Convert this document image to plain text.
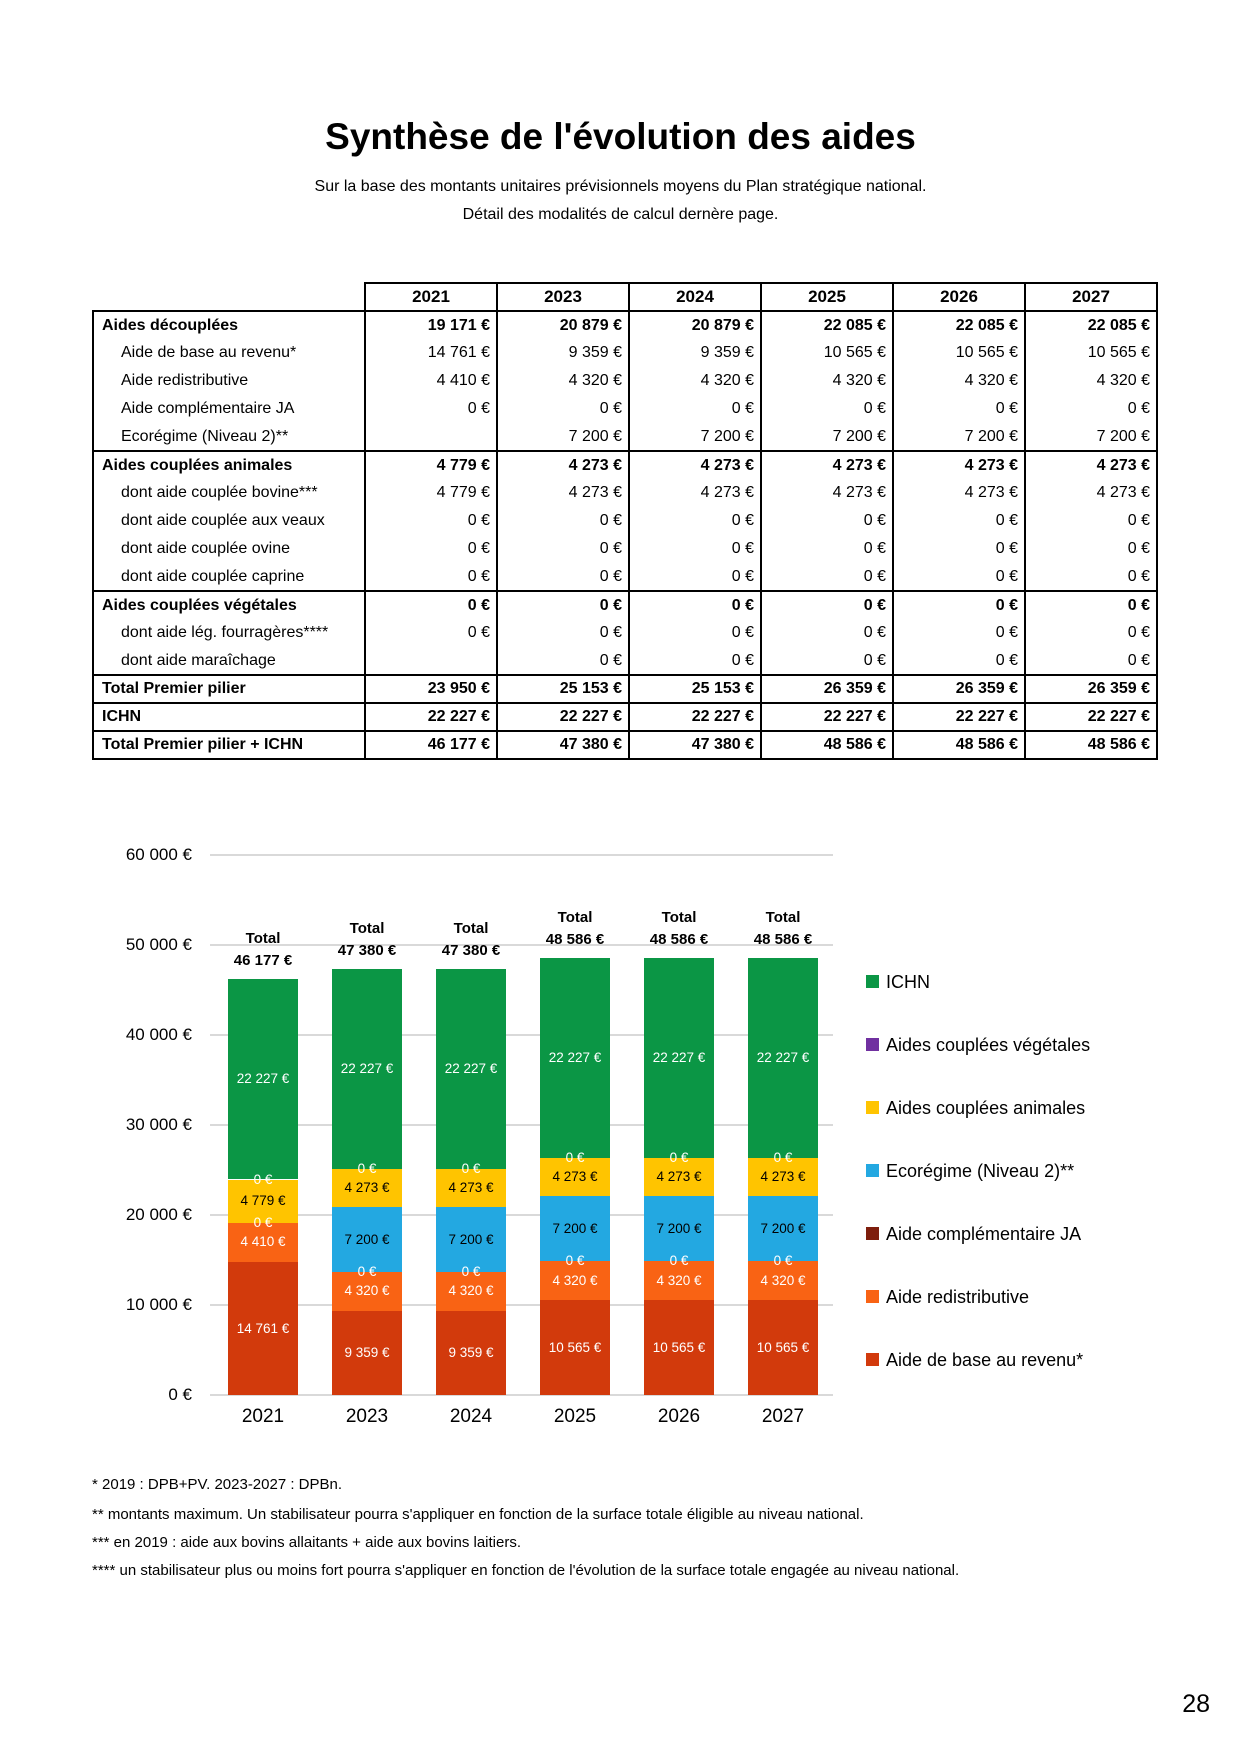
Synthèse de l'évolution des aides
Sur la base des montants unitaires prévisionnels moyens du Plan stratégique national.
Détail des modalités de calcul dernère page.
	2021	2023	2024	2025	2026	2027
Aides découplées	19 171 €	20 879 €	20 879 €	22 085 €	22 085 €	22 085 €
Aide de base au revenu*	14 761 €	9 359 €	9 359 €	10 565 €	10 565 €	10 565 €
Aide redistributive	4 410 €	4 320 €	4 320 €	4 320 €	4 320 €	4 320 €
Aide complémentaire JA	0 €	0 €	0 €	0 €	0 €	0 €
Ecorégime (Niveau 2)**		7 200 €	7 200 €	7 200 €	7 200 €	7 200 €
Aides couplées animales	4 779 €	4 273 €	4 273 €	4 273 €	4 273 €	4 273 €
dont aide couplée bovine***	4 779 €	4 273 €	4 273 €	4 273 €	4 273 €	4 273 €
dont aide couplée aux veaux	0 €	0 €	0 €	0 €	0 €	0 €
dont aide couplée ovine	0 €	0 €	0 €	0 €	0 €	0 €
dont aide couplée caprine	0 €	0 €	0 €	0 €	0 €	0 €
Aides couplées végétales	0 €	0 €	0 €	0 €	0 €	0 €
dont aide lég. fourragères****	0 €	0 €	0 €	0 €	0 €	0 €
dont aide maraîchage		0 €	0 €	0 €	0 €	0 €
Total Premier pilier	23 950 €	25 153 €	25 153 €	26 359 €	26 359 €	26 359 €
ICHN	22 227 €	22 227 €	22 227 €	22 227 €	22 227 €	22 227 €
Total Premier pilier + ICHN	46 177 €	47 380 €	47 380 €	48 586 €	48 586 €	48 586 €
60 000 €
50 000 €
40 000 €
30 000 €
20 000 €
10 000 €
0 €
14 761 €
4 410 €
0 €
4 779 €
0 €
22 227 €
Total
46 177 €
2021
9 359 €
4 320 €
0 €
7 200 €
4 273 €
0 €
22 227 €
Total
47 380 €
2023
9 359 €
4 320 €
0 €
7 200 €
4 273 €
0 €
22 227 €
Total
47 380 €
2024
10 565 €
4 320 €
0 €
7 200 €
4 273 €
0 €
22 227 €
Total
48 586 €
2025
10 565 €
4 320 €
0 €
7 200 €
4 273 €
0 €
22 227 €
Total
48 586 €
2026
10 565 €
4 320 €
0 €
7 200 €
4 273 €
0 €
22 227 €
Total
48 586 €
2027
ICHN
Aides couplées végétales
Aides couplées animales
Ecorégime (Niveau 2)**
Aide complémentaire JA
Aide redistributive
Aide de base au revenu*
* 2019 : DPB+PV. 2023-2027 : DPBn.
** montants maximum. Un stabilisateur pourra s'appliquer en fonction de la surface totale éligible au niveau national.
*** en 2019 : aide aux bovins allaitants + aide aux bovins laitiers.
**** un stabilisateur plus ou moins fort pourra s'appliquer en fonction de l'évolution de la surface totale engagée au niveau national.
28
